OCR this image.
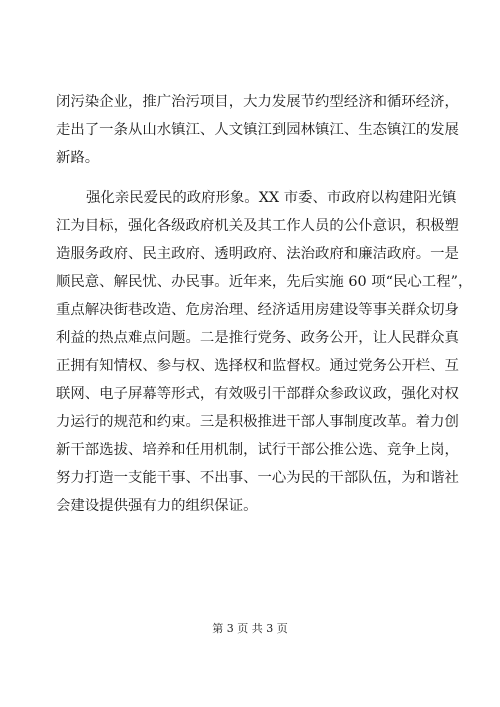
闭污染企业，推广治污项目，大力发展节约型经济和循环经济，
走出了一条从山水镇江、人文镇江到园林镇江、生态镇江的发展
新路。
强化亲民爱民的政府形象。XX 市委、市政府以构建阳光镇
江为目标，强化各级政府机关及其工作人员的公仆意识，积极塑
造服务政府、民主政府、透明政府、法治政府和廉洁政府。一是
顺民意、解民忧、办民事。近年来，先后实施 60 项“民心工程”，
重点解决街巷改造、危房治理、经济适用房建设等事关群众切身
利益的热点难点问题。二是推行党务、政务公开，让人民群众真
正拥有知情权、参与权、选择权和监督权。通过党务公开栏、互
联网、电子屏幕等形式，有效吸引干部群众参政议政，强化对权
力运行的规范和约束。三是积极推进干部人事制度改革。着力创
新干部选拔、培养和任用机制，试行干部公推公选、竞争上岗，
努力打造一支能干事、不出事、一心为民的干部队伍，为和谐社
会建设提供强有力的组织保证。
第 3 页 共 3 页
